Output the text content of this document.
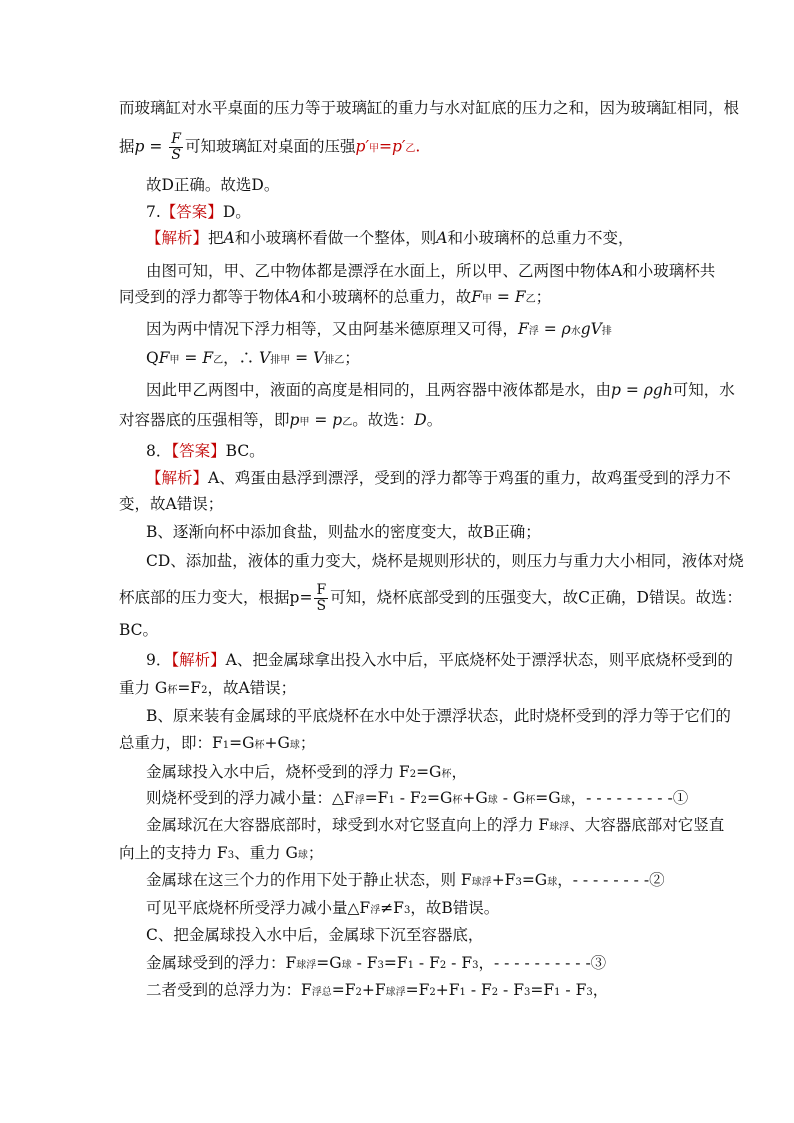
而玻璃缸对水平桌面的压力等于玻璃缸的重力与水对缸底的压力之和，因为玻璃缸相同，根
据$p = \frac{F}{S}$ 可知玻璃缸对桌面的压强p′甲=p′乙.
故D正确。故选D。
7.【答案】D。
【解析】把A和小玻璃杯看做一个整体，则A和小玻璃杯的总重力不变，
由图可知，甲、乙中物体都是漂浮在水面上，所以甲、乙两图中物体A和小玻璃杯共
同受到的浮力都等于物体A和小玻璃杯的总重力，故F甲 = F乙；
因为两中情况下浮力相等，又由阿基米德原理又可得，F浮 = ρ水gV排
QF甲 = F乙，∴ V排甲 = V排乙；
因此甲乙两图中，液面的高度是相同的，且两容器中液体都是水，由p = ρgh可知，水
对容器底的压强相等，即p甲 = p乙。故选：D。
8．【答案】BC。
【解析】A、鸡蛋由悬浮到漂浮，受到的浮力都等于鸡蛋的重力，故鸡蛋受到的浮力不
变，故A错误；
B、逐渐向杯中添加食盐，则盐水的密度变大，故B正确；
CD、添加盐，液体的重力变大，烧杯是规则形状的，则压力与重力大小相同，液体对烧
杯底部的压力变大，根据$p= \frac{F}{S}$ 可知，烧杯底部受到的压强变大，故C正确，D错误。故选：
BC。
9．【解析】A、把金属球拿出投入水中后，平底烧杯处于漂浮状态，则平底烧杯受到的
重力 G杯=F2，故A错误；
B、原来装有金属球的平底烧杯在水中处于漂浮状态，此时烧杯受到的浮力等于它们的
总重力，即：F1=G杯+G球；
金属球投入水中后，烧杯受到的浮力 F2=G杯，
则烧杯受到的浮力减小量：△F浮=F1 - F2=G杯+G球 - G杯=G球，- - - - - - - - -①
金属球沉在大容器底部时，球受到水对它竖直向上的浮力 F球浮、大容器底部对它竖直
向上的支持力 F3、重力 G球；
金属球在这三个力的作用下处于静止状态，则 F球浮+F3=G球，- - - - - - - -②
可见平底烧杯所受浮力减小量△F浮≠F3，故B错误。
C、把金属球投入水中后，金属球下沉至容器底，
金属球受到的浮力：F球浮=G球 - F3=F1 - F2 - F3，- - - - - - - - - -③
二者受到的总浮力为：F浮总=F2+F球浮=F2+F1 - F2 - F3=F1 - F3，
